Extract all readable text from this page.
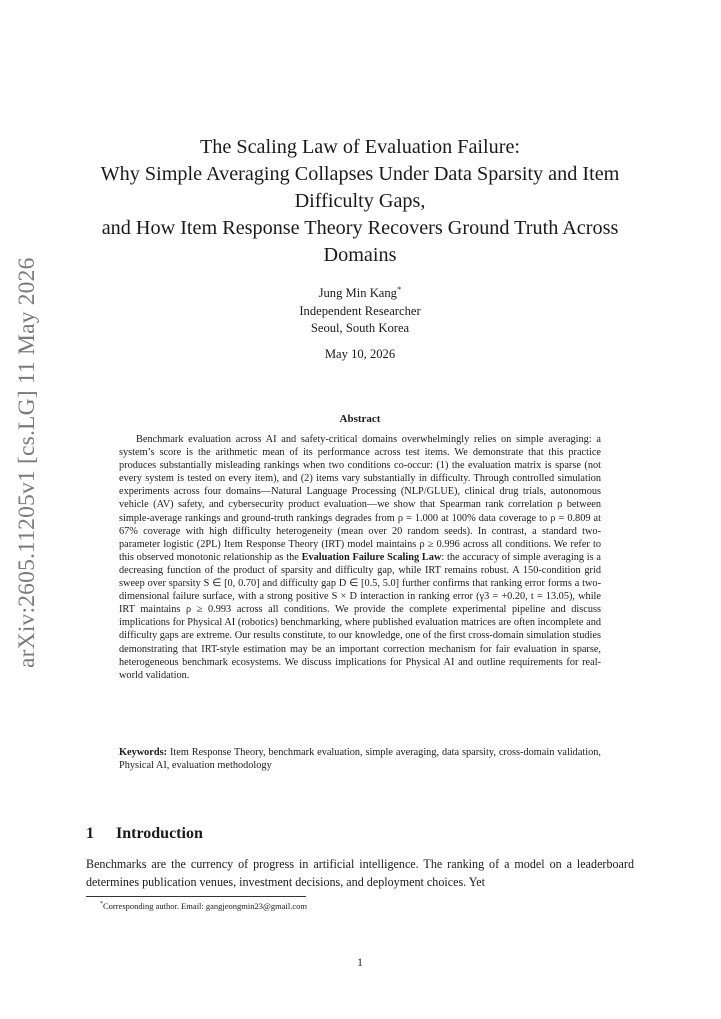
arXiv:2605.11205v1 [cs.LG] 11 May 2026
The Scaling Law of Evaluation Failure:
Why Simple Averaging Collapses Under Data Sparsity and Item
Difficulty Gaps,
and How Item Response Theory Recovers Ground Truth Across
Domains
Jung Min Kang*
Independent Researcher
Seoul, South Korea
May 10, 2026
Abstract

Benchmark evaluation across AI and safety-critical domains overwhelmingly relies on simple averaging: a system’s score is the arithmetic mean of its performance across test items. We demonstrate that this practice produces substantially misleading rankings when two conditions co-occur: (1) the evaluation matrix is sparse (not every system is tested on every item), and (2) items vary substantially in difficulty. Through controlled simulation experiments across four domains—Natural Language Processing (NLP/GLUE), clinical drug trials, autonomous vehicle (AV) safety, and cybersecurity product evaluation—we show that Spearman rank correlation ρ between simple-average rankings and ground-truth rankings degrades from ρ = 1.000 at 100% data coverage to ρ = 0.809 at 67% coverage with high difficulty heterogeneity (mean over 20 random seeds). In contrast, a standard two-parameter logistic (2PL) Item Response Theory (IRT) model maintains ρ ≥ 0.996 across all conditions. We refer to this observed monotonic relationship as the Evaluation Failure Scaling Law: the accuracy of simple averaging is a decreasing function of the product of sparsity and difficulty gap, while IRT remains robust. A 150-condition grid sweep over sparsity S ∈ [0, 0.70] and difficulty gap D ∈ [0.5, 5.0] further confirms that ranking error forms a two-dimensional failure surface, with a strong positive S × D interaction in ranking error (γ3 = +0.20, t = 13.05), while IRT maintains ρ ≥ 0.993 across all conditions. We provide the complete experimental pipeline and discuss implications for Physical AI (robotics) benchmarking, where published evaluation matrices are often incomplete and difficulty gaps are extreme. Our results constitute, to our knowledge, one of the first cross-domain simulation studies demonstrating that IRT-style estimation may be an important correction mechanism for fair evaluation in sparse, heterogeneous benchmark ecosystems. We discuss implications for Physical AI and outline requirements for real-world validation.

Keywords: Item Response Theory, benchmark evaluation, simple averaging, data sparsity, cross-domain validation, Physical AI, evaluation methodology

1 Introduction

Benchmarks are the currency of progress in artificial intelligence. The ranking of a model on a leaderboard determines publication venues, investment decisions, and deployment choices. Yet

*Corresponding author. Email: gangjeongmin23@gmail.com
1
